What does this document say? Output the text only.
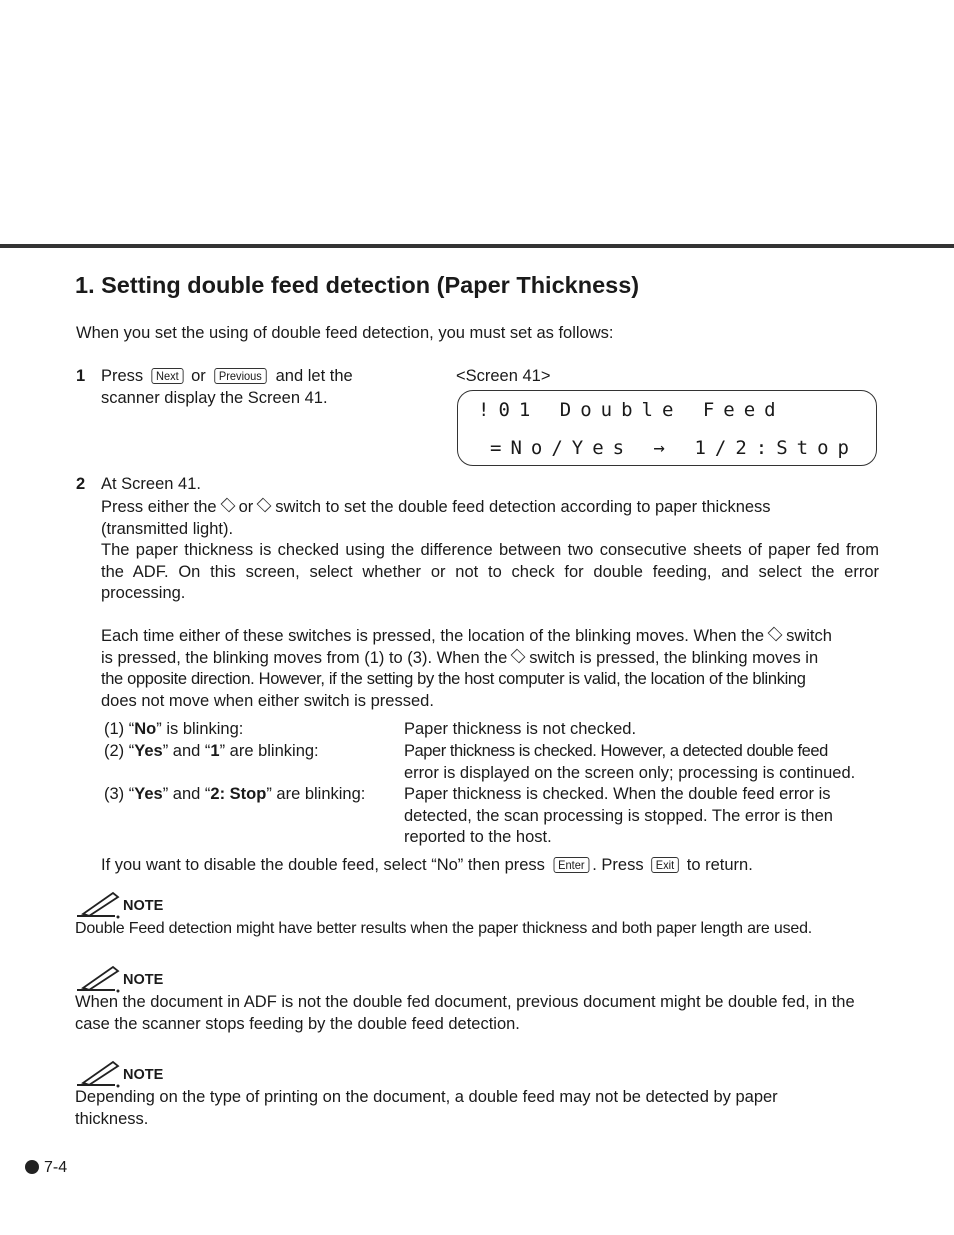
1. Setting double feed detection (Paper Thickness)
When you set the using of double feed detection, you must set as follows:
1 Press Next or Previous and let the
scanner display the Screen 41.
<Screen 41>
!01 Double Feed
=No/Yes → 1/2:Stop
2 At Screen 41.
Press either the or switch to set the double feed detection according to paper thickness
(transmitted light).
The paper thickness is checked using the difference between two consecutive sheets of paper fed from the ADF. On this screen, select whether or not to check for double feeding, and select the error processing.
Each time either of these switches is pressed, the location of the blinking moves. When the switch
is pressed, the blinking moves from (1) to (3). When the switch is pressed, the blinking moves in
the opposite direction. However, if the setting by the host computer is valid, the location of the blinking
does not move when either switch is pressed.
(1) “No” is blinking:	Paper thickness is not checked.
(2) “Yes” and “1” are blinking:	Paper thickness is checked. However, a detected double feed
error is displayed on the screen only; processing is continued.
(3) “Yes” and “2: Stop” are blinking: Paper thickness is checked. When the double feed error is
detected, the scan processing is stopped. The error is then
reported to the host.
If you want to disable the double feed, select “No” then press Enter . Press Exit to return.
NOTE
Double Feed detection might have better results when the paper thickness and both paper length are used.
NOTE
When the document in ADF is not the double fed document, previous document might be double fed, in the case the scanner stops feeding by the double feed detection.
NOTE
Depending on the type of printing on the document, a double feed may not be detected by paper thickness.
7-4
